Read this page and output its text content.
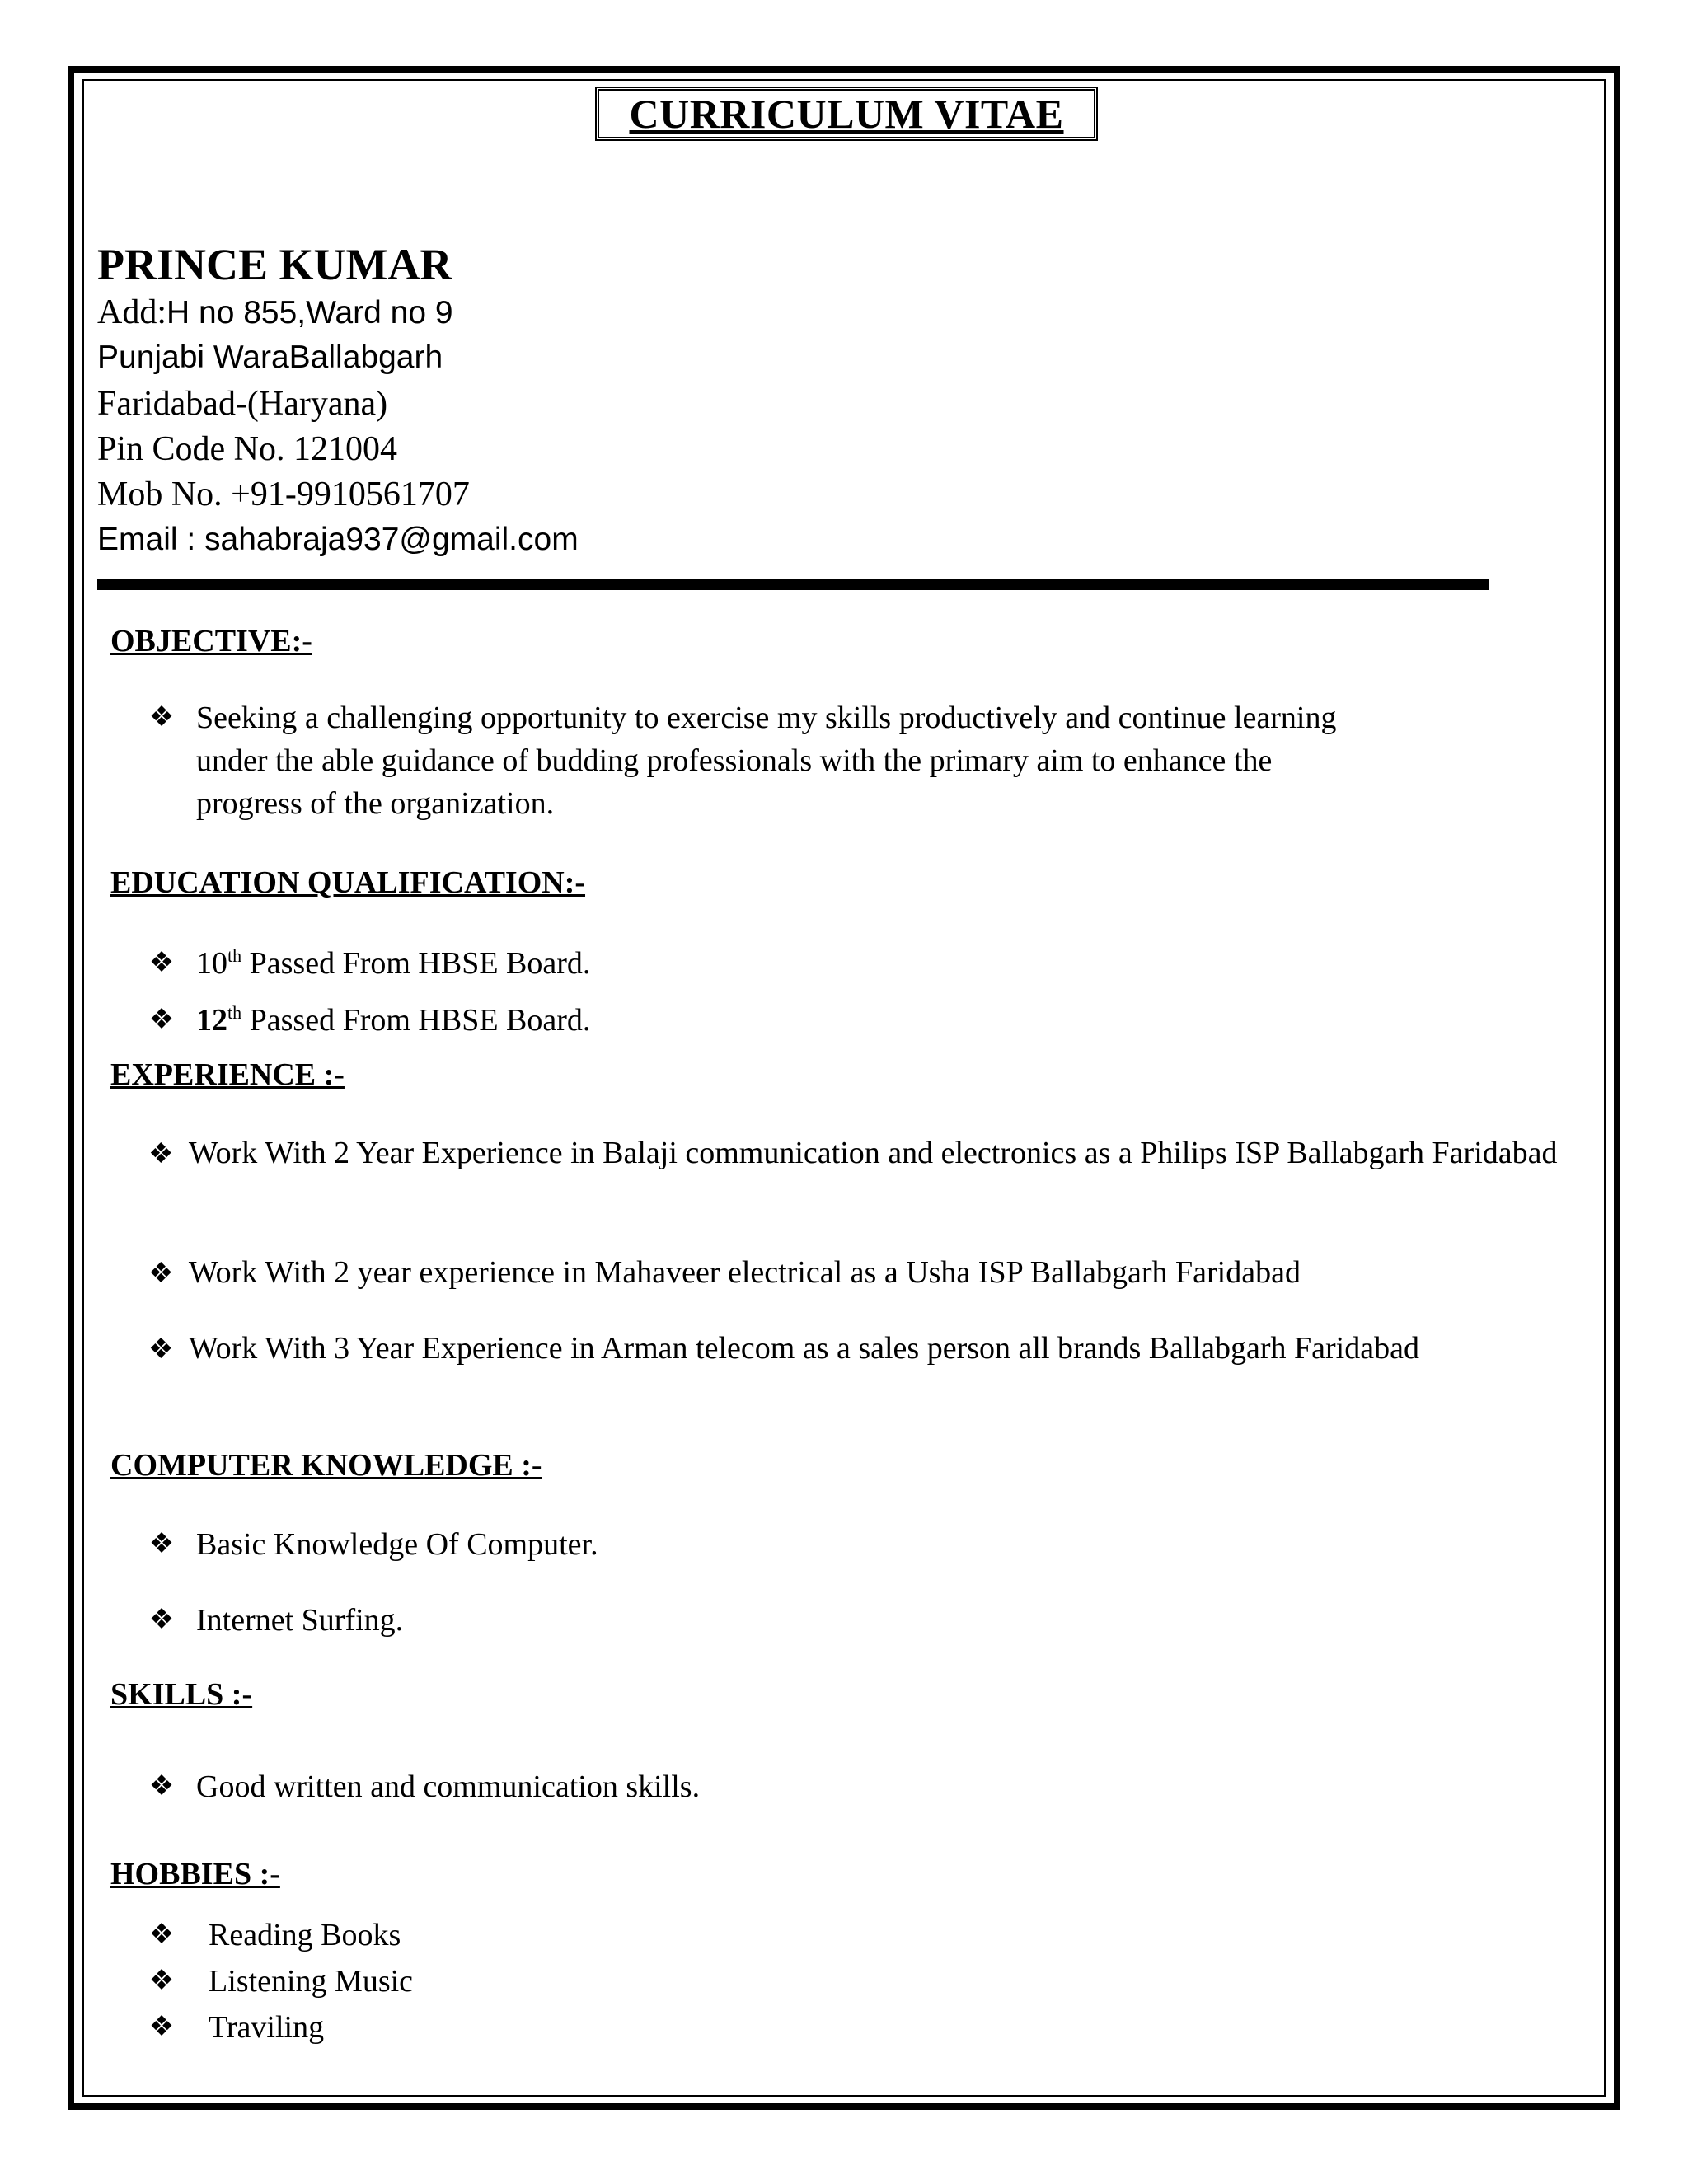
CURRICULUM VITAE
PRINCE KUMAR
Add:H no 855,Ward no 9
Punjabi WaraBallabgarh
Faridabad-(Haryana)
Pin Code No. 121004
Mob No. +91-9910561707
Email : sahabraja937@gmail.com
OBJECTIVE:-
❖ Seeking a challenging opportunity to exercise my skills productively and continue learning
under the able guidance of budding professionals with the primary aim to enhance the
progress of the organization.
EDUCATION QUALIFICATION:-
❖ 10th Passed From HBSE Board.
❖ 12th Passed From HBSE Board.
EXPERIENCE :-
❖ Work With 2 Year Experience in Balaji communication and electronics as a Philips ISP Ballabgarh Faridabad
❖ Work With 2 year experience in Mahaveer electrical as a Usha ISP Ballabgarh Faridabad
❖ Work With 3 Year Experience in Arman telecom as a sales person all brands Ballabgarh Faridabad
COMPUTER KNOWLEDGE :-
❖ Basic Knowledge Of Computer.
❖ Internet Surfing.
SKILLS :-
❖ Good written and communication skills.
HOBBIES :-
❖ Reading Books
❖ Listening Music
❖ Traviling
